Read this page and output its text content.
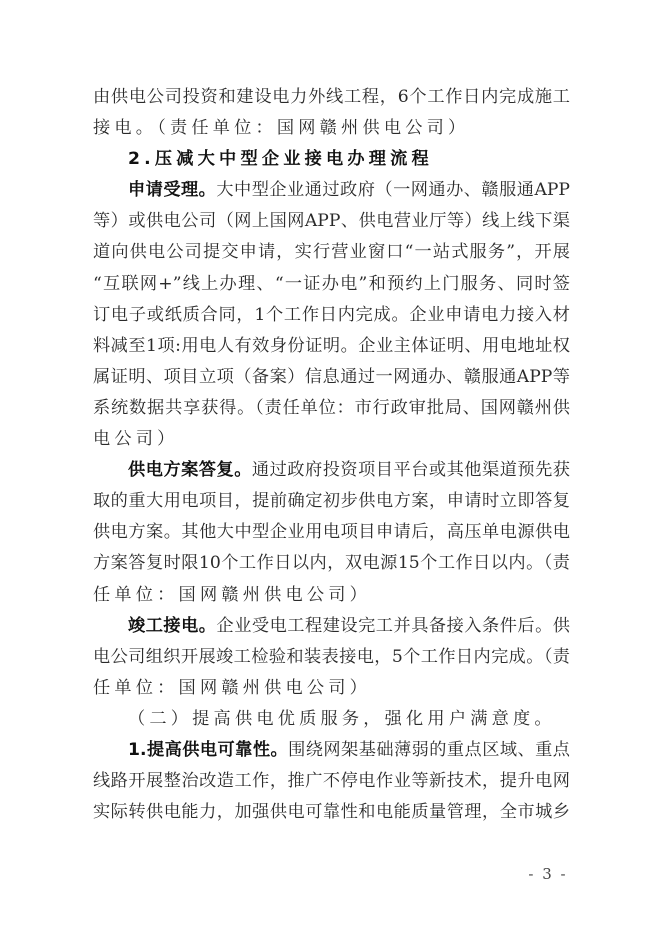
由供电公司投资和建设电力外线工程，6个工作日内完成施工
接电。（责任单位：国网赣州供电公司）
2.压减大中型企业接电办理流程
申请受理。大中型企业通过政府（一网通办、赣服通APP
等）或供电公司（网上国网APP、供电营业厅等）线上线下渠
道向供电公司提交申请，实行营业窗口“一站式服务”，开展
“互联网+”线上办理、“一证办电”和预约上门服务、同时签
订电子或纸质合同，1个工作日内完成。企业申请电力接入材
料减至1项:用电人有效身份证明。企业主体证明、用电地址权
属证明、项目立项（备案）信息通过一网通办、赣服通APP等
系统数据共享获得。（责任单位：市行政审批局、国网赣州供
电公司）
供电方案答复。通过政府投资项目平台或其他渠道预先获
取的重大用电项目，提前确定初步供电方案，申请时立即答复
供电方案。其他大中型企业用电项目申请后，高压单电源供电
方案答复时限10个工作日以内，双电源15个工作日以内。（责
任单位：国网赣州供电公司）
竣工接电。企业受电工程建设完工并具备接入条件后。供
电公司组织开展竣工检验和装表接电，5个工作日内完成。（责
任单位：国网赣州供电公司）
（二）提高供电优质服务，强化用户满意度。
1.提高供电可靠性。围绕网架基础薄弱的重点区域、重点
线路开展整治改造工作，推广不停电作业等新技术，提升电网
实际转供电能力，加强供电可靠性和电能质量管理，全市城乡
- 3 -
